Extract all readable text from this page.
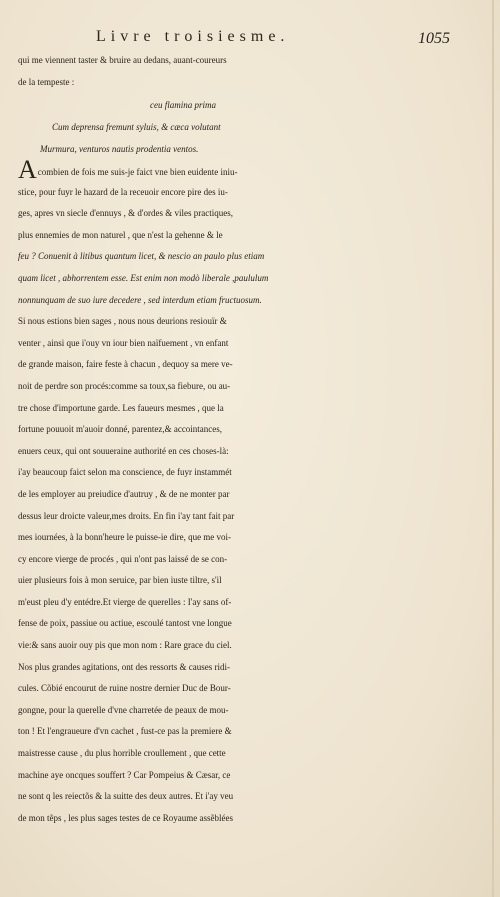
Livre troisiesme.	1055
qui me viennent taster & bruire au dedans, auant-coureurs
de la tempeste :
ceu flamina prima
Cum deprensa fremunt syluis, & cæca volutant
Murmura, venturos nautis prodentia ventos.
Acombien de fois me suis-je faict vne bien euidente iniu-
stice, pour fuyr le hazard de la receuoir encore pire des iu-
ges, apres vn siecle d'ennuys , & d'ordes & viles practiques,
plus ennemies de mon naturel , que n'est la gehenne & le
feu ? Conuenit à litibus quantum licet, & nescio an paulo plus etiam
quam licet , abhorrentem esse. Est enim non modò liberale ,paululum
nonnunquam de suo iure decedere , sed interdum etiam fructuosum.
Si nous estions bien sages , nous nous deurions resiouïr &
venter , ainsi que i'ouy vn iour bien naïfuement , vn enfant
de grande maison, faire feste à chacun , dequoy sa mere ve-
noit de perdre son procés:comme sa toux,sa fiebure, ou au-
tre chose d'importune garde. Les faueurs mesmes , que la
fortune pouuoit m'auoir donné, parentez,& accointances,
enuers ceux, qui ont souueraine authorité en ces choses-là:
i'ay beaucoup faict selon ma conscience, de fuyr instammét
de les employer au preiudice d'autruy , & de ne monter par
dessus leur droicte valeur,mes droits. En fin i'ay tant fait par
mes iournées, à la bonn'heure le puisse-ie dire, que me voi-
cy encore vierge de procés , qui n'ont pas laissé de se con-
uier plusieurs fois à mon seruice, par bien iuste tiltre, s'il
m'eust pleu d'y entédre.Et vierge de querelles : I'ay sans of-
fense de poix, passiue ou actiue, escoulé tantost vne longue
vie:& sans auoir ouy pis que mon nom : Rare grace du ciel.
Nos plus grandes agitations, ont des ressorts & causes ridi-
cules. Cõbié encourut de ruine nostre dernier Duc de Bour-
gongne, pour la querelle d'vne charretée de peaux de mou-
ton ! Et l'engraueure d'vn cachet , fust-ce pas la premiere &
maistresse cause , du plus horrible croullement , que cette
machine aye oncques souffert ? Car Pompeius & Cæsar, ce
ne sont q les reiectõs & la suitte des deux autres. Et i'ay veu
de mon tẽps , les plus sages testes de ce Royaume assẽblées
